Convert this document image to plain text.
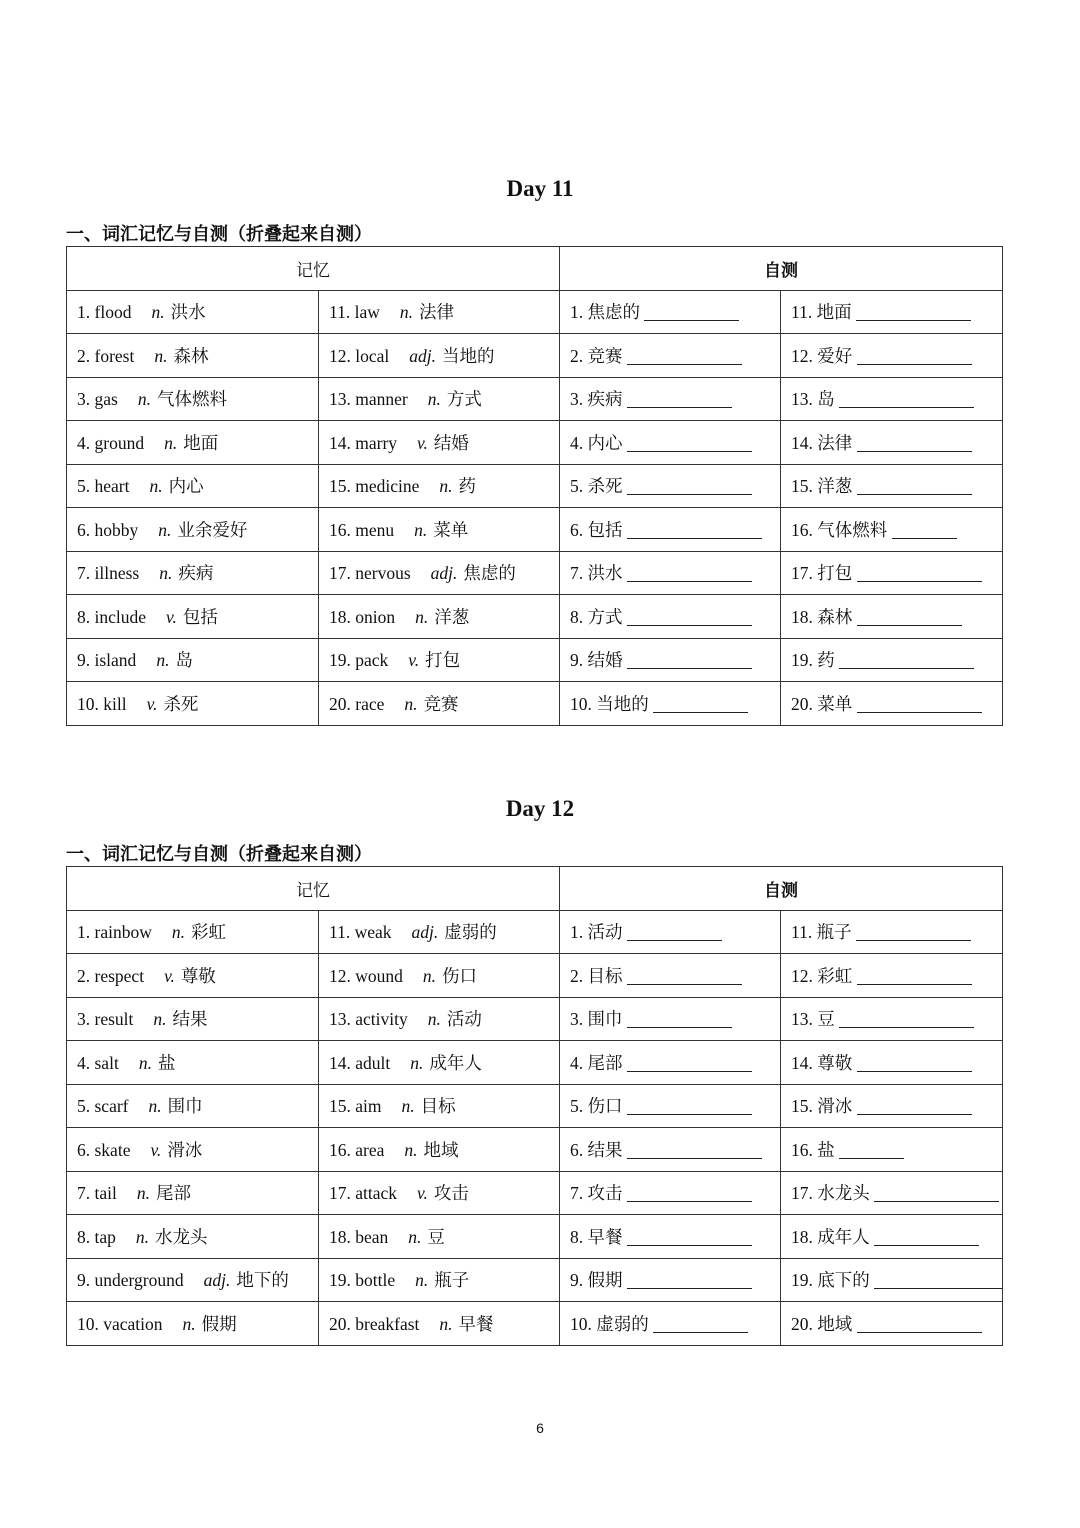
Day 11
一、词汇记忆与自测（折叠起来自测）
记忆		自测	
1. flood n. 洪水	11. law n. 法律	1. 焦虑的	11. 地面
2. forest n. 森林	12. local adj. 当地的	2. 竞赛	12. 爱好
3. gas n. 气体燃料	13. manner n. 方式	3. 疾病	13. 岛
4. ground n. 地面	14. marry v. 结婚	4. 内心	14. 法律
5. heart n. 内心	15. medicine n. 药	5. 杀死	15. 洋葱
6. hobby n. 业余爱好	16. menu n. 菜单	6. 包括	16. 气体燃料
7. illness n. 疾病	17. nervous adj. 焦虑的	7. 洪水	17. 打包
8. include v. 包括	18. onion n. 洋葱	8. 方式	18. 森林
9. island n. 岛	19. pack v. 打包	9. 结婚	19. 药
10. kill v. 杀死	20. race n. 竞赛	10. 当地的	20. 菜单
Day 12
一、词汇记忆与自测（折叠起来自测）
记忆		自测	
1. rainbow n. 彩虹	11. weak adj. 虚弱的	1. 活动	11. 瓶子
2. respect v. 尊敬	12. wound n. 伤口	2. 目标	12. 彩虹
3. result n. 结果	13. activity n. 活动	3. 围巾	13. 豆
4. salt n. 盐	14. adult n. 成年人	4. 尾部	14. 尊敬
5. scarf n. 围巾	15. aim n. 目标	5. 伤口	15. 滑冰
6. skate v. 滑冰	16. area n. 地域	6. 结果	16. 盐
7. tail n. 尾部	17. attack v. 攻击	7. 攻击	17. 水龙头
8. tap n. 水龙头	18. bean n. 豆	8. 早餐	18. 成年人
9. underground adj. 地下的	19. bottle n. 瓶子	9. 假期	19. 底下的
10. vacation n. 假期	20. breakfast n. 早餐	10. 虚弱的	20. 地域
6
